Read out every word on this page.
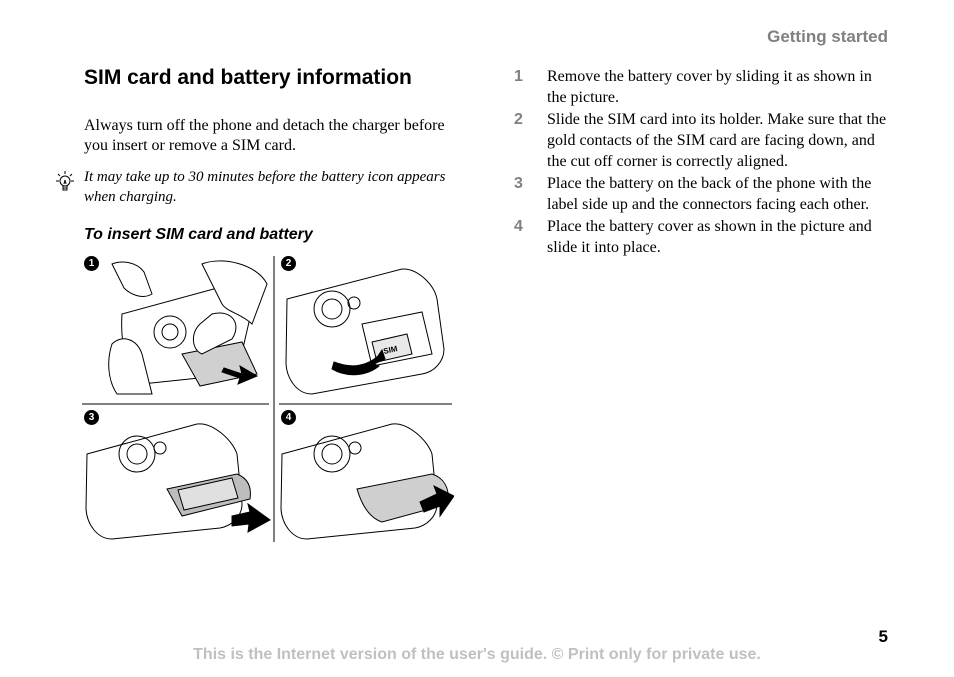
Getting started
SIM card and battery information
Always turn off the phone and detach the charger before you insert or remove a SIM card.
It may take up to 30 minutes before the battery icon appears when charging.
To insert SIM card and battery
SIM
1	2
3	4
1	Remove the battery cover by sliding it as shown in the picture.
2	Slide the SIM card into its holder. Make sure that the gold contacts of the SIM card are facing down, and the cut off corner is correctly aligned.
3	Place the battery on the back of the phone with the label side up and the connectors facing each other.
4	Place the battery cover as shown in the picture and slide it into place.
5
This is the Internet version of the user's guide. © Print only for private use.
